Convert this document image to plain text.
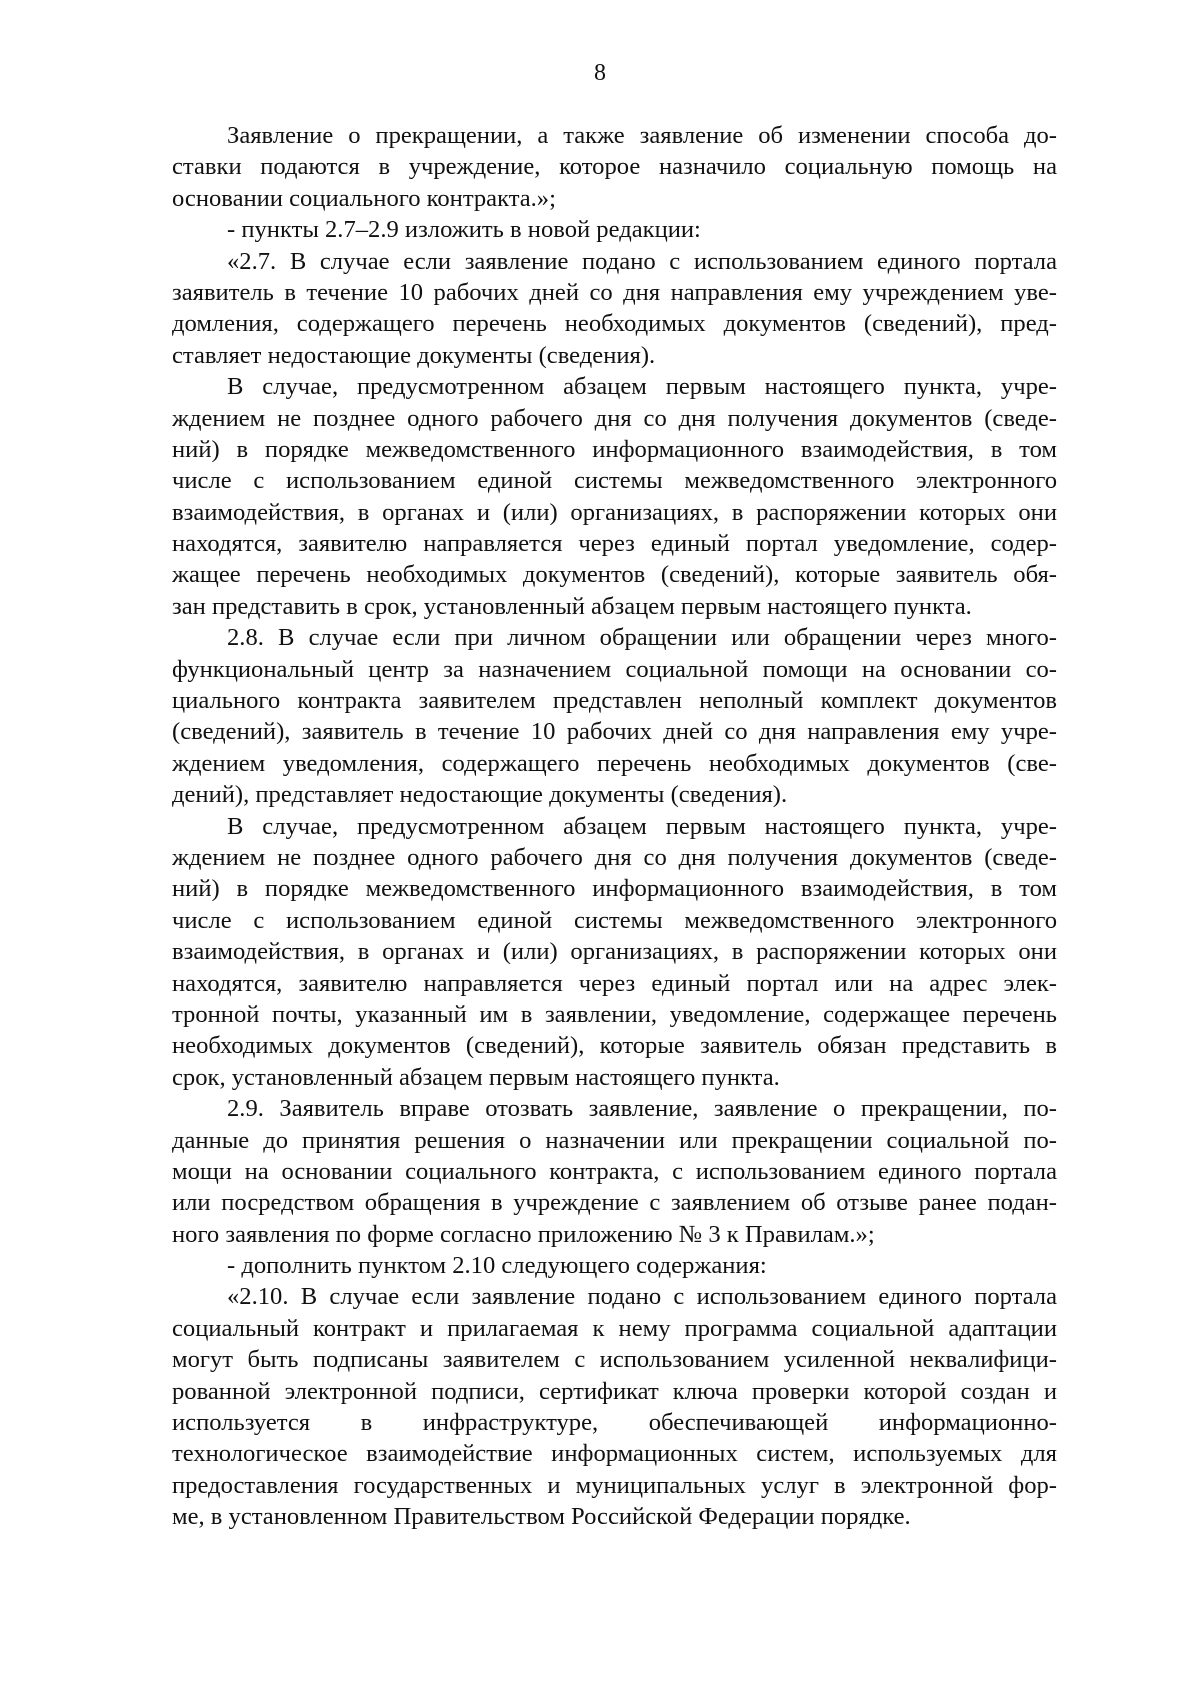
8
Заявление о прекращении, а также заявление об изменении способа до-
ставки подаются в учреждение, которое назначило социальную помощь на
основании социального контракта.»;
- пункты 2.7–2.9 изложить в новой редакции:
«2.7. В случае если заявление подано с использованием единого портала
заявитель в течение 10 рабочих дней со дня направления ему учреждением уве-
домления, содержащего перечень необходимых документов (сведений), пред-
ставляет недостающие документы (сведения).
В случае, предусмотренном абзацем первым настоящего пункта, учре-
ждением не позднее одного рабочего дня со дня получения документов (сведе-
ний) в порядке межведомственного информационного взаимодействия, в том
числе с использованием единой системы межведомственного электронного
взаимодействия, в органах и (или) организациях, в распоряжении которых они
находятся, заявителю направляется через единый портал уведомление, содер-
жащее перечень необходимых документов (сведений), которые заявитель обя-
зан представить в срок, установленный абзацем первым настоящего пункта.
2.8. В случае если при личном обращении или обращении через много-
функциональный центр за назначением социальной помощи на основании со-
циального контракта заявителем представлен неполный комплект документов
(сведений), заявитель в течение 10 рабочих дней со дня направления ему учре-
ждением уведомления, содержащего перечень необходимых документов (све-
дений), представляет недостающие документы (сведения).
В случае, предусмотренном абзацем первым настоящего пункта, учре-
ждением не позднее одного рабочего дня со дня получения документов (сведе-
ний) в порядке межведомственного информационного взаимодействия, в том
числе с использованием единой системы межведомственного электронного
взаимодействия, в органах и (или) организациях, в распоряжении которых они
находятся, заявителю направляется через единый портал или на адрес элек-
тронной почты, указанный им в заявлении, уведомление, содержащее перечень
необходимых документов (сведений), которые заявитель обязан представить в
срок, установленный абзацем первым настоящего пункта.
2.9. Заявитель вправе отозвать заявление, заявление о прекращении, по-
данные до принятия решения о назначении или прекращении социальной по-
мощи на основании социального контракта, с использованием единого портала
или посредством обращения в учреждение с заявлением об отзыве ранее подан-
ного заявления по форме согласно приложению № 3 к Правилам.»;
- дополнить пунктом 2.10 следующего содержания:
«2.10. В случае если заявление подано с использованием единого портала
социальный контракт и прилагаемая к нему программа социальной адаптации
могут быть подписаны заявителем с использованием усиленной неквалифици-
рованной электронной подписи, сертификат ключа проверки которой создан и
используется в инфраструктуре, обеспечивающей информационно-
технологическое взаимодействие информационных систем, используемых для
предоставления государственных и муниципальных услуг в электронной фор-
ме, в установленном Правительством Российской Федерации порядке.
